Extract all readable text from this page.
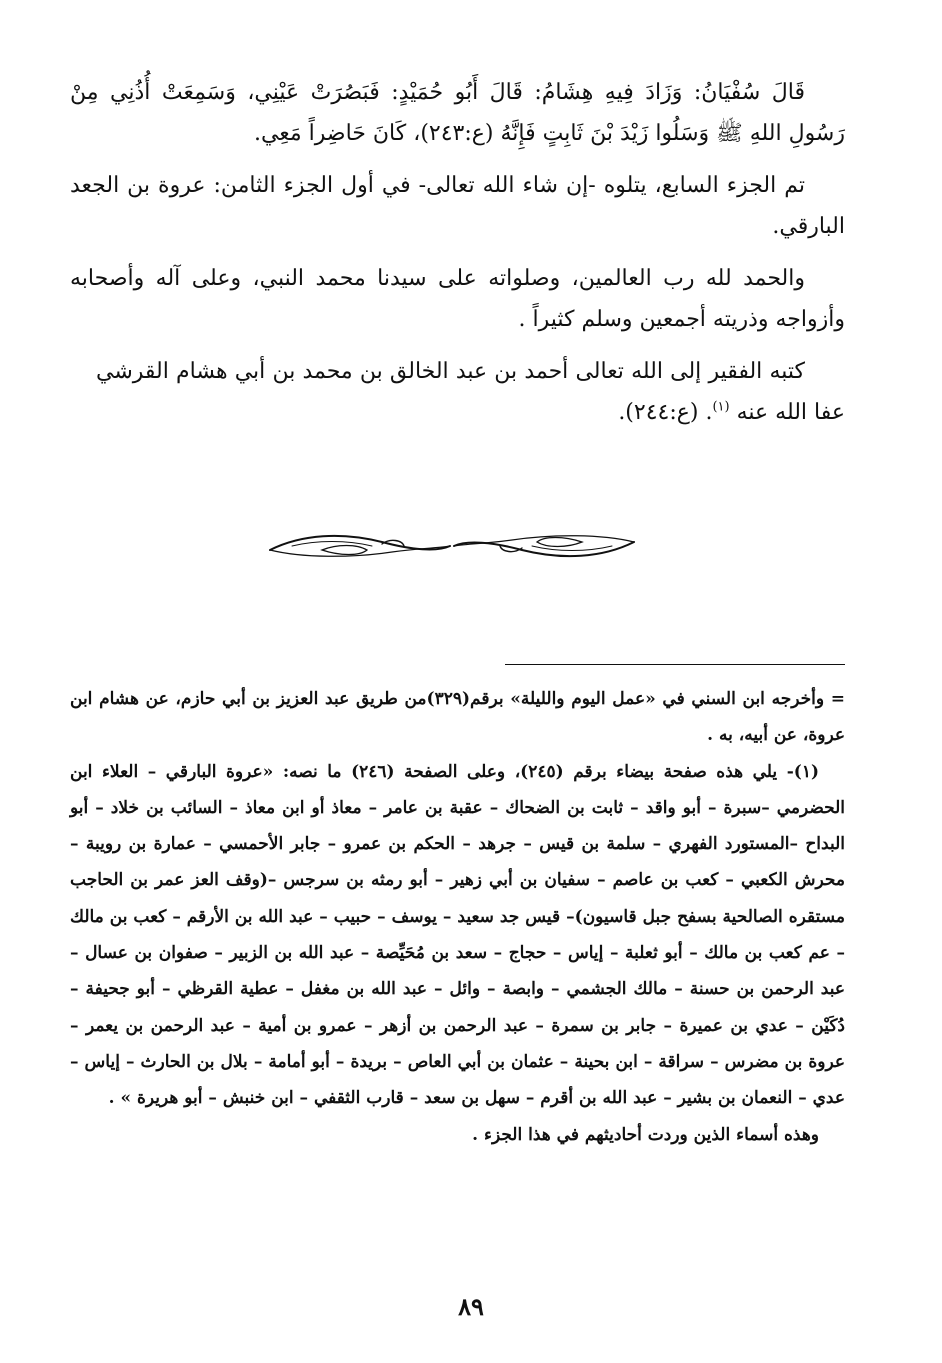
قَالَ سُفْيَانُ: وَزَادَ فِيهِ هِشَامُ: قَالَ أَبُو حُمَيْدٍ: فَبَصُرَتْ عَيْنِي، وَسَمِعَتْ أُذُنِي مِنْ رَسُولِ اللهِ ﷺ وَسَلُوا زَيْدَ بْنَ ثَابِتٍ فَإِنَّهُ (ع:٢٤٣)، كَانَ حَاضِراً مَعِي.

تم الجزء السابع، يتلوه -إن شاء الله تعالى- في أول الجزء الثامن: عروة بن الجعد البارقي.

والحمد لله رب العالمين، وصلواته على سيدنا محمد النبي، وعلى آله وأصحابه وأزواجه وذريته أجمعين وسلم كثيراً .

كتبه الفقير إلى الله تعالى أحمد بن عبد الخالق بن محمد بن أبي هشام القرشيعفا الله عنه $^{(١)}$. (ع:٢٤٤).

= وأخرجه ابن السني في «عمل اليوم والليلة» برقم(٣٢٩)من طريق عبد العزيز بن أبي حازم، عن هشام ابن عروة، عن أبيه، به .

(١)- يلي هذه صفحة بيضاء برقم (٢٤٥)، وعلى الصفحة (٢٤٦) ما نصه: «عروة البارقي – العلاء ابن الحضرمي –سبرة – أبو واقد – ثابت بن الضحاك – عقبة بن عامر – معاذ أو ابن معاذ – السائب بن خلاد – أبو البداح –المستورد الفهري – سلمة بن قيس – جرهد – الحكم بن عمرو – جابر الأحمسي – عمارة بن رويبة – محرش الكعبي – كعب بن عاصم – سفيان بن أبي زهير – أبو رمثه بن سرجس –(وقف العز عمر بن الحاجب مستقره الصالحية بسفح جبل قاسيون)– قيس جد سعيد – يوسف – حبيب – عبد الله بن الأرقم – كعب بن مالك – عم كعب بن مالك – أبو ثعلبة – إياس – حجاج – سعد بن مُحَيِّصة – عبد الله بن الزبير – صفوان بن عسال – عبد الرحمن بن حسنة – مالك الجشمي – وابصة – وائل – عبد الله بن مغفل – عطية القرظي – أبو جحيفة – دُكَيْن – عدي بن عميرة – جابر بن سمرة – عبد الرحمن بن أزهر – عمرو بن أمية – عبد الرحمن بن يعمر – عروة بن مضرس – سراقة – ابن بحينة – عثمان بن أبي العاص – بريدة – أبو أمامة – بلال بن الحارث – إياس – عدي – النعمان بن بشير – عبد الله بن أقرم – سهل بن سعد – قارب الثقفي – ابن خنبش – أبو هريرة » .

وهذه أسماء الذين وردت أحاديثهم في هذا الجزء .

٨٩
